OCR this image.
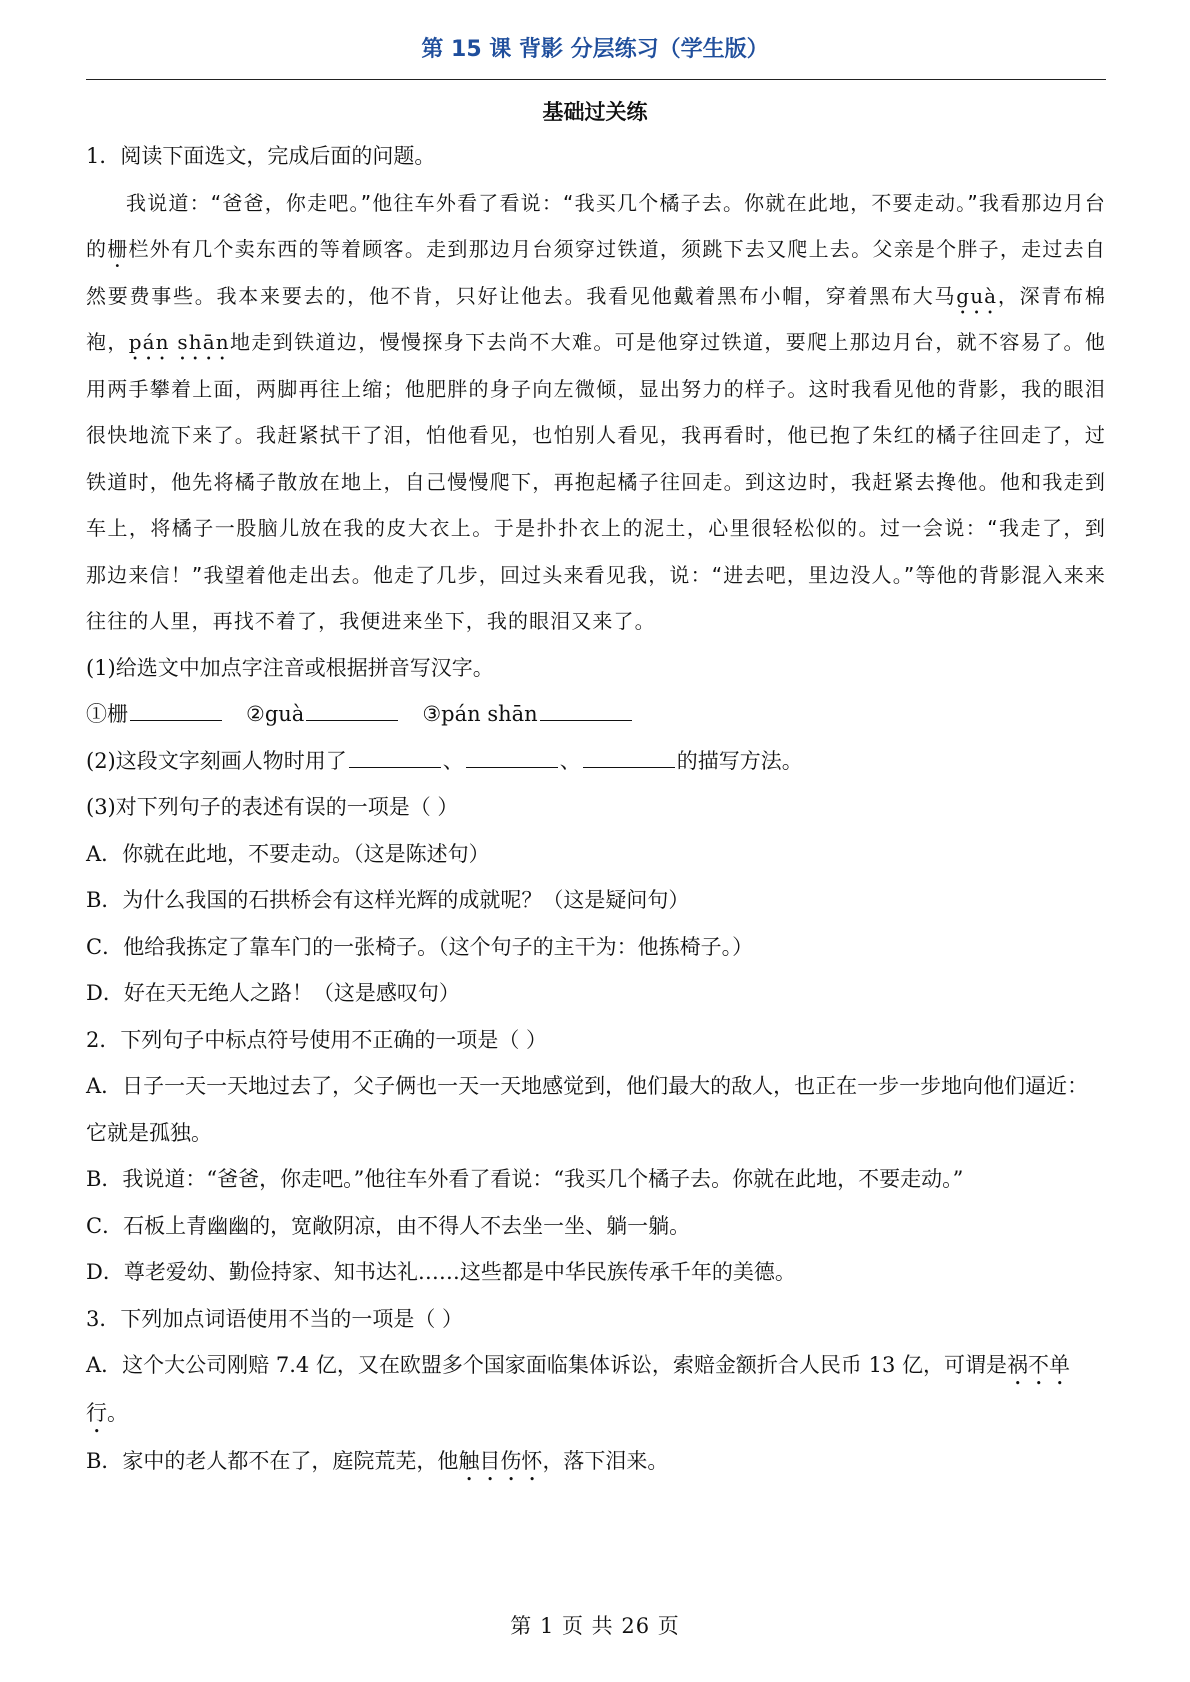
第 15 课 背影 分层练习（学生版）
基础过关练

1．阅读下面选文，完成后面的问题。

我说道：“爸爸，你走吧。”他往车外看了看说：“我买几个橘子去。你就在此地，不要走动。”我看那边月台的栅栏外有几个卖东西的等着顾客。走到那边月台须穿过铁道，须跳下去又爬上去。父亲是个胖子，走过去自然要费事些。我本来要去的，他不肯，只好让他去。我看见他戴着黑布小帽，穿着黑布大马guà，深青布棉袍，pán shān地走到铁道边，慢慢探身下去尚不大难。可是他穿过铁道，要爬上那边月台，就不容易了。他用两手攀着上面，两脚再往上缩；他肥胖的身子向左微倾，显出努力的样子。这时我看见他的背影，我的眼泪很快地流下来了。我赶紧拭干了泪，怕他看见，也怕别人看见，我再看时，他已抱了朱红的橘子往回走了，过铁道时，他先将橘子散放在地上，自己慢慢爬下，再抱起橘子往回走。到这边时，我赶紧去搀他。他和我走到车上，将橘子一股脑儿放在我的皮大衣上。于是扑扑衣上的泥土，心里很轻松似的。过一会说：“我走了，到那边来信！”我望着他走出去。他走了几步，回过头来看见我，说：“进去吧，里边没人。”等他的背影混入来来往往的人里，再找不着了，我便进来坐下，我的眼泪又来了。

(1)给选文中加点字注音或根据拼音写汉字。

①栅	②guà	③pán shān

(2)这段文字刻画人物时用了	、	、	的描写方法。

(3)对下列句子的表述有误的一项是（ ）

A．你就在此地，不要走动。（这是陈述句）

B．为什么我国的石拱桥会有这样光辉的成就呢？（这是疑问句）

C．他给我拣定了靠车门的一张椅子。（这个句子的主干为：他拣椅子。）

D．好在天无绝人之路！（这是感叹句）

2．下列句子中标点符号使用不正确的一项是（ ）

A．日子一天一天地过去了，父子俩也一天一天地感觉到，他们最大的敌人，也正在一步一步地向他们逼近：它就是孤独。

B．我说道：“爸爸，你走吧。”他往车外看了看说：“我买几个橘子去。你就在此地，不要走动。”

C．石板上青幽幽的，宽敞阴凉，由不得人不去坐一坐、躺一躺。

D．尊老爱幼、勤俭持家、知书达礼……这些都是中华民族传承千年的美德。

3．下列加点词语使用不当的一项是（ ）

A．这个大公司刚赔 7.4 亿，又在欧盟多个国家面临集体诉讼，索赔金额折合人民币 13 亿，可谓是祸不单行。

B．家中的老人都不在了，庭院荒芜，他触目伤怀，落下泪来。

第 1 页 共 26 页
